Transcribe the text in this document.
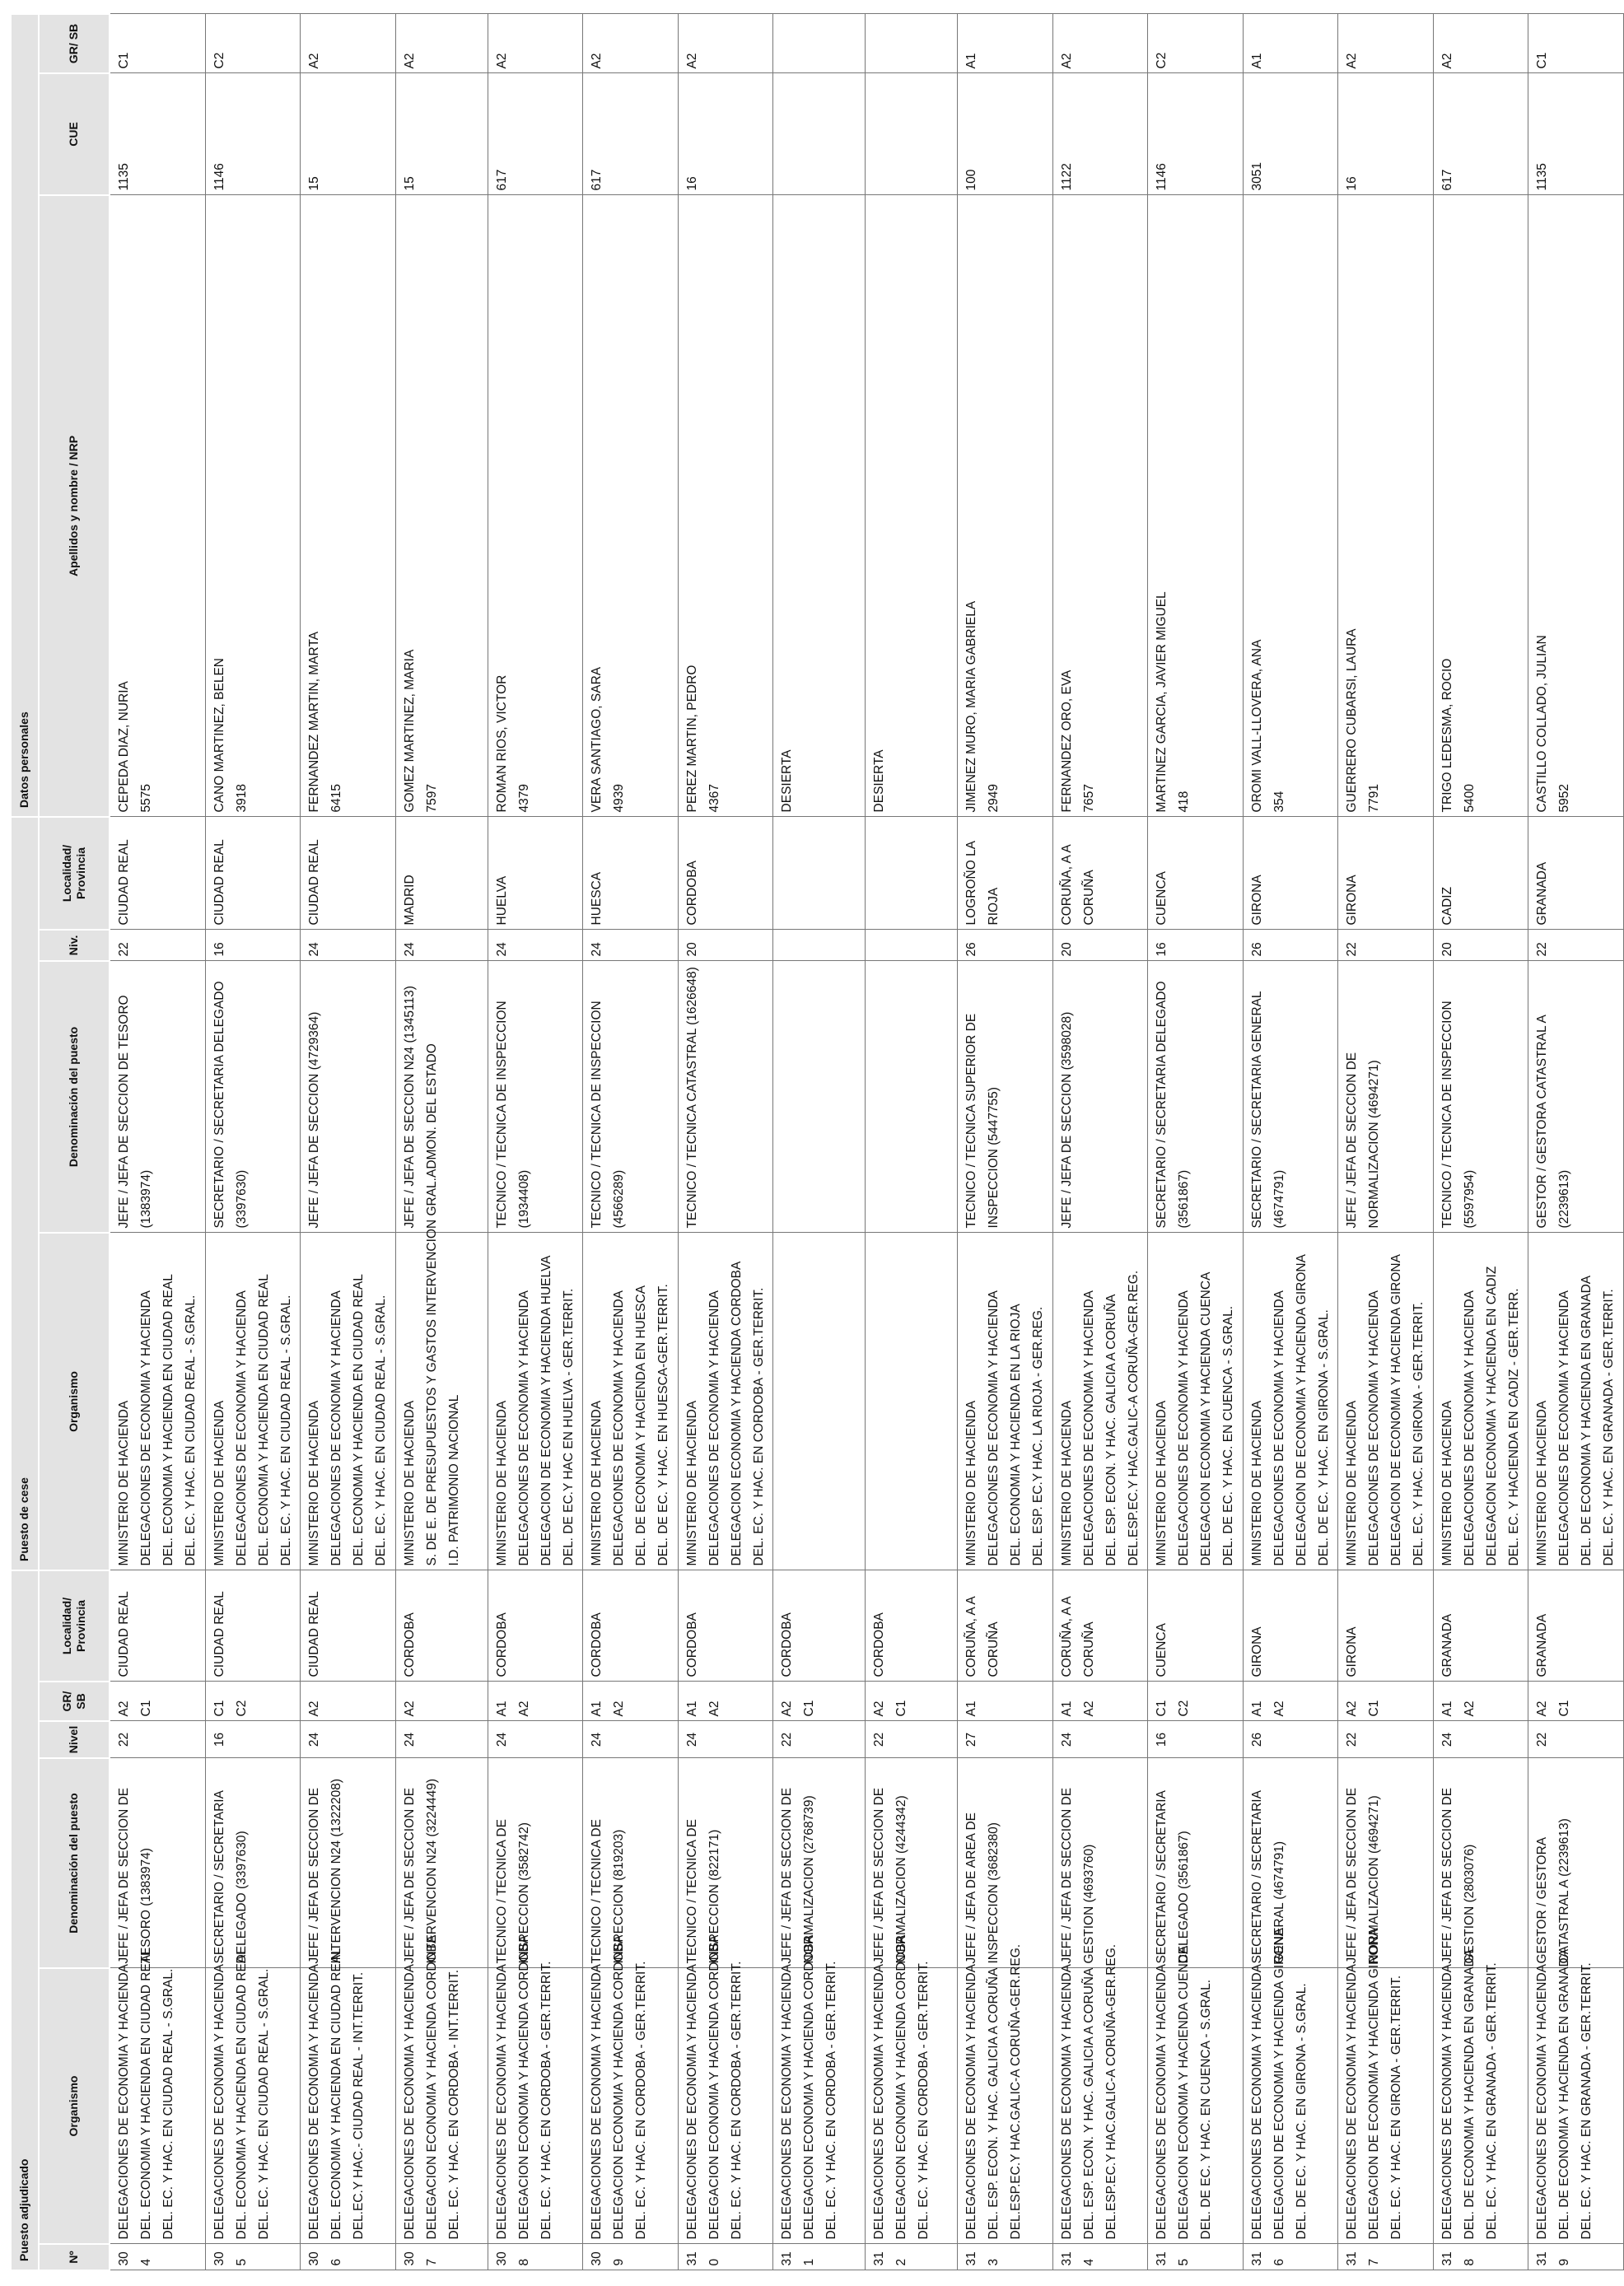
Puesto adjudicado						Puesto de cese				Datos personales		
Nº	Organismo	Denominación del puesto	Nivel	GR/ SB	Localidad/ Provincia	Organismo	Denominación del puesto	Niv.	Localidad/ Provincia	Apellidos y nombre / NRP	CUE	GR/ SB

304	DELEGACIONES DE ECONOMIA Y HACIENDA DEL. ECONOMIA Y HACIENDA EN CIUDAD REAL DEL. EC. Y HAC. EN CIUDAD REAL - S.GRAL.	JEFE / JEFA DE SECCION DE TESORO (1383974)	22	A2 C1	CIUDAD REAL	MINISTERIO DE HACIENDA DELEGACIONES DE ECONOMIA Y HACIENDA DEL. ECONOMIA Y HACIENDA EN CIUDAD REAL DEL. EC. Y HAC. EN CIUDAD REAL - S.GRAL.	JEFE / JEFA DE SECCION DE TESORO (1383974)	22	CIUDAD REAL	CEPEDA DIAZ, NURIA 5575	1135	C1

305	DELEGACIONES DE ECONOMIA Y HACIENDA DEL. ECONOMIA Y HACIENDA EN CIUDAD REAL DEL. EC. Y HAC. EN CIUDAD REAL - S.GRAL.	SECRETARIO / SECRETARIA DELEGADO (3397630)	16	C1 C2	CIUDAD REAL	MINISTERIO DE HACIENDA DELEGACIONES DE ECONOMIA Y HACIENDA DEL. ECONOMIA Y HACIENDA EN CIUDAD REAL DEL. EC. Y HAC. EN CIUDAD REAL - S.GRAL.	SECRETARIO / SECRETARIA DELEGADO (3397630)	16	CIUDAD REAL	CANO MARTINEZ, BELEN 3918	1146	C2

306	DELEGACIONES DE ECONOMIA Y HACIENDA DEL. ECONOMIA Y HACIENDA EN CIUDAD REAL DEL.EC.Y HAC.- CIUDAD REAL - INT.TERRIT.	JEFE / JEFA DE SECCION DE INTERVENCION N24 (1322208)	24	A2	CIUDAD REAL	MINISTERIO DE HACIENDA DELEGACIONES DE ECONOMIA Y HACIENDA DEL. ECONOMIA Y HACIENDA EN CIUDAD REAL DEL. EC. Y HAC. EN CIUDAD REAL - S.GRAL.	JEFE / JEFA DE SECCION (4729364)	24	CIUDAD REAL	FERNANDEZ MARTIN, MARTA 6415	15	A2

307	DELEGACIONES DE ECONOMIA Y HACIENDA DELEGACION ECONOMIA Y HACIENDA CORDOBA DEL. EC. Y HAC. EN CORDOBA - INT.TERRIT.	JEFE / JEFA DE SECCION DE INTERVENCION N24 (3224449)	24	A2	CORDOBA	MINISTERIO DE HACIENDA S. DE E. DE PRESUPUESTOS Y GASTOS INTERVENCION GRAL.ADMON. DEL ESTADO I.D. PATRIMONIO NACIONAL	JEFE / JEFA DE SECCION N24 (1345113)	24	MADRID	GOMEZ MARTINEZ, MARIA 7597	15	A2

308	DELEGACIONES DE ECONOMIA Y HACIENDA DELEGACION ECONOMIA Y HACIENDA CORDOBA DEL. EC. Y HAC. EN CORDOBA - GER.TERRIT.	TECNICO / TECNICA DE INSPECCION (3582742)	24	A1 A2	CORDOBA	MINISTERIO DE HACIENDA DELEGACIONES DE ECONOMIA Y HACIENDA DELEGACION DE ECONOMIA Y HACIENDA HUELVA DEL. DE EC.Y HAC EN HUELVA - GER.TERRIT.	TECNICO / TECNICA DE INSPECCION (1934408)	24	HUELVA	ROMAN RIOS, VICTOR 4379	617	A2

309	DELEGACIONES DE ECONOMIA Y HACIENDA DELEGACION ECONOMIA Y HACIENDA CORDOBA DEL. EC. Y HAC. EN CORDOBA - GER.TERRIT.	TECNICO / TECNICA DE INSPECCION (819203)	24	A1 A2	CORDOBA	MINISTERIO DE HACIENDA DELEGACIONES DE ECONOMIA Y HACIENDA DEL. DE ECONOMIA Y HACIENDA EN HUESCA DEL. DE EC. Y HAC. EN HUESCA-GER.TERRIT.	TECNICO / TECNICA DE INSPECCION (4566289)	24	HUESCA	VERA SANTIAGO, SARA 4939	617	A2

310	DELEGACIONES DE ECONOMIA Y HACIENDA DELEGACION ECONOMIA Y HACIENDA CORDOBA DEL. EC. Y HAC. EN CORDOBA - GER.TERRIT.	TECNICO / TECNICA DE INSPECCION (822171)	24	A1 A2	CORDOBA	MINISTERIO DE HACIENDA DELEGACIONES DE ECONOMIA Y HACIENDA DELEGACION ECONOMIA Y HACIENDA CORDOBA DEL. EC. Y HAC. EN CORDOBA - GER.TERRIT.	TECNICO / TECNICA CATASTRAL (1626648)	20	CORDOBA	PEREZ MARTIN, PEDRO 4367	16	A2

311	DELEGACIONES DE ECONOMIA Y HACIENDA DELEGACION ECONOMIA Y HACIENDA CORDOBA DEL. EC. Y HAC. EN CORDOBA - GER.TERRIT.	JEFE / JEFA DE SECCION DE NORMALIZACION (2768739)	22	A2 C1	CORDOBA					DESIERTA		

312	DELEGACIONES DE ECONOMIA Y HACIENDA DELEGACION ECONOMIA Y HACIENDA CORDOBA DEL. EC. Y HAC. EN CORDOBA - GER.TERRIT.	JEFE / JEFA DE SECCION DE NORMALIZACION (4244342)	22	A2 C1	CORDOBA					DESIERTA		

313	DELEGACIONES DE ECONOMIA Y HACIENDA DEL. ESP. ECON. Y HAC. GALICIA A CORUÑA DEL.ESP.EC.Y HAC.GALIC-A CORUÑA-GER.REG.	JEFE / JEFA DE AREA DE INSPECCION (3682380)	27	A1	CORUÑA, A A CORUÑA	MINISTERIO DE HACIENDA DELEGACIONES DE ECONOMIA Y HACIENDA DEL. ECONOMIA Y HACIENDA EN LA RIOJA DEL. ESP. EC.Y HAC. LA RIOJA - GER.REG.	TECNICO / TECNICA SUPERIOR DE INSPECCION (5447755)	26	LOGROÑO LA RIOJA	JIMENEZ MURO, MARIA GABRIELA 2949	100	A1

314	DELEGACIONES DE ECONOMIA Y HACIENDA DEL. ESP. ECON. Y HAC. GALICIA A CORUÑA DEL.ESP.EC.Y HAC.GALIC-A CORUÑA-GER.REG.	JEFE / JEFA DE SECCION DE GESTION (4693760)	24	A1 A2	CORUÑA, A A CORUÑA	MINISTERIO DE HACIENDA DELEGACIONES DE ECONOMIA Y HACIENDA DEL. ESP. ECON. Y HAC. GALICIA A CORUÑA DEL.ESP.EC.Y HAC.GALIC-A CORUÑA-GER.REG.	JEFE / JEFA DE SECCION (3598028)	20	CORUÑA, A A CORUÑA	FERNANDEZ ORO, EVA 7657	1122	A2

315	DELEGACIONES DE ECONOMIA Y HACIENDA DELEGACION ECONOMIA Y HACIENDA CUENCA DEL. DE EC. Y HAC. EN CUENCA - S.GRAL.	SECRETARIO / SECRETARIA DELEGADO (3561867)	16	C1 C2	CUENCA	MINISTERIO DE HACIENDA DELEGACIONES DE ECONOMIA Y HACIENDA DELEGACION ECONOMIA Y HACIENDA CUENCA DEL. DE EC. Y HAC. EN CUENCA - S.GRAL.	SECRETARIO / SECRETARIA DELEGADO (3561867)	16	CUENCA	MARTINEZ GARCIA, JAVIER MIGUEL 418	1146	C2

316	DELEGACIONES DE ECONOMIA Y HACIENDA DELEGACION DE ECONOMIA Y HACIENDA GIRONA DEL. DE EC. Y HAC. EN GIRONA - S.GRAL.	SECRETARIO / SECRETARIA GENERAL (4674791)	26	A1 A2	GIRONA	MINISTERIO DE HACIENDA DELEGACIONES DE ECONOMIA Y HACIENDA DELEGACION DE ECONOMIA Y HACIENDA GIRONA DEL. DE EC. Y HAC. EN GIRONA - S.GRAL.	SECRETARIO / SECRETARIA GENERAL (4674791)	26	GIRONA	OROMI VALL-LLOVERA, ANA 354	3051	A1

317	DELEGACIONES DE ECONOMIA Y HACIENDA DELEGACION DE ECONOMIA Y HACIENDA GIRONA DEL. EC. Y HAC. EN GIRONA - GER.TERRIT.	JEFE / JEFA DE SECCION DE NORMALIZACION (4694271)	22	A2 C1	GIRONA	MINISTERIO DE HACIENDA DELEGACIONES DE ECONOMIA Y HACIENDA DELEGACION DE ECONOMIA Y HACIENDA GIRONA DEL. EC. Y HAC. EN GIRONA - GER.TERRIT.	JEFE / JEFA DE SECCION DE NORMALIZACION (4694271)	22	GIRONA	GUERRERO CUBARSI, LAURA 7791	16	A2

318	DELEGACIONES DE ECONOMIA Y HACIENDA DEL. DE ECONOMIA Y HACIENDA EN GRANADA DEL. EC. Y HAC. EN GRANADA - GER.TERRIT.	JEFE / JEFA DE SECCION DE GESTION (2803076)	24	A1 A2	GRANADA	MINISTERIO DE HACIENDA DELEGACIONES DE ECONOMIA Y HACIENDA DELEGACION ECONOMIA Y HACIENDA EN CADIZ DEL. EC. Y HACIENDA EN CADIZ - GER.TERR.	TECNICO / TECNICA DE INSPECCION (5597954)	20	CADIZ	TRIGO LEDESMA, ROCIO 5400	617	A2

319	DELEGACIONES DE ECONOMIA Y HACIENDA DEL. DE ECONOMIA Y HACIENDA EN GRANADA DEL. EC. Y HAC. EN GRANADA - GER.TERRIT.	GESTOR / GESTORA CATASTRAL A (2239613)	22	A2 C1	GRANADA	MINISTERIO DE HACIENDA DELEGACIONES DE ECONOMIA Y HACIENDA DEL. DE ECONOMIA Y HACIENDA EN GRANADA DEL. EC. Y HAC. EN GRANADA - GER.TERRIT.	GESTOR / GESTORA CATASTRAL A (2239613)	22	GRANADA	CASTILLO COLLADO, JULIAN 5952	1135	C1
